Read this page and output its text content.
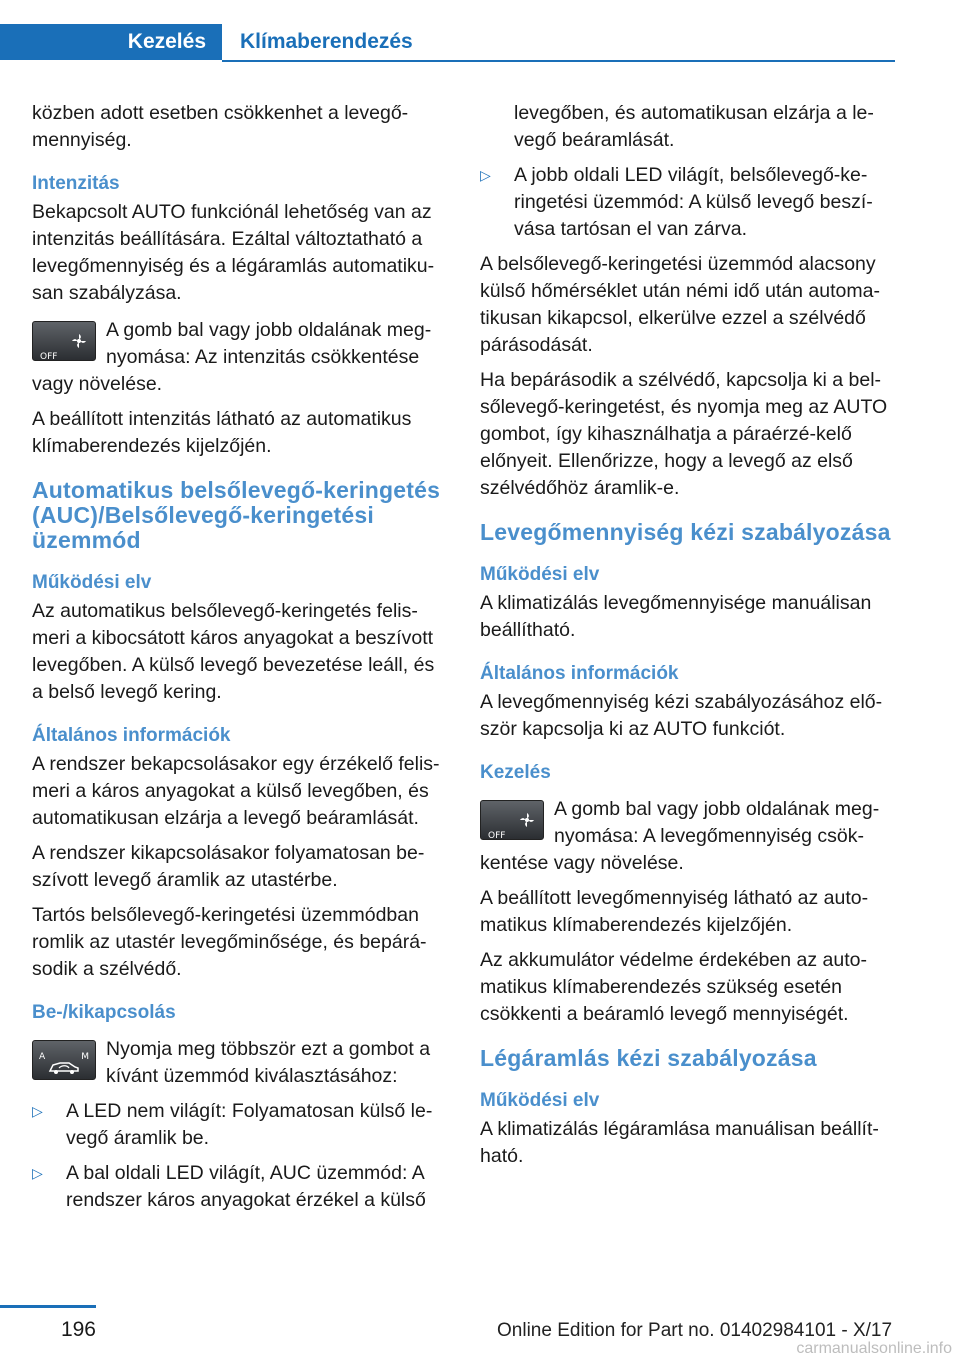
Kezelés	Klímaberendezés

közben adott esetben csökkenhet a levegő‐mennyiség.

Intenzitás

Bekapcsolt AUTO funkciónál lehetőség van az intenzitás beállítására. Ezáltal változtatható a levegőmennyiség és a légáramlás automatiku‐san szabályzása.

OFF
A gomb bal vagy jobb oldalának meg‐nyomása: Az intenzitás csökkentése vagy növelése.

A beállított intenzitás látható az automatikus klímaberendezés kijelzőjén.

Automatikus belsőlevegő-keringetés (AUC)/Belsőlevegő-keringetési üzemmód
Működési elv

Az automatikus belsőlevegő-keringetés felis‐meri a kibocsátott káros anyagokat a beszívott levegőben. A külső levegő bevezetése leáll, és a belső levegő kering.

Általános információk

A rendszer bekapcsolásakor egy érzékelő felis‐meri a káros anyagokat a külső levegőben, és automatikusan elzárja a levegő beáramlását.

A rendszer kikapcsolásakor folyamatosan be‐szívott levegő áramlik az utastérbe.

Tartós belsőlevegő-keringetési üzemmódban romlik az utastér levegőminősége, és bepárá‐sodik a szélvédő.

Be-/kikapcsolás
A	M Nyomja meg többször ezt a gombot a kívánt üzemmód kiválasztásához:
▷ A LED nem világít: Folyamatosan külső le‐vegő áramlik be.
▷ A bal oldali LED világít, AUC üzemmód: A rendszer káros anyagokat érzékel a külső

levegőben, és automatikusan elzárja a le‐vegő beáramlását.

▷ A jobb oldali LED világít, belsőlevegő-ke‐ringetési üzemmód: A külső levegő beszí‐vása tartósan el van zárva.

A belsőlevegő-keringetési üzemmód alacsony külső hőmérséklet után némi idő után automa‐tikusan kikapcsol, elkerülve ezzel a szélvédő párásodását.

Ha bepárásodik a szélvédő, kapcsolja ki a bel‐sőlevegő-keringetést, és nyomja meg az AUTO gombot, így kihasználhatja a páraérzé‐kelő előnyeit. Ellenőrizze, hogy a levegő az első szélvédőhöz áramlik-e.

Levegőmennyiség kézi szabályozása
Működési elv

A klimatizálás levegőmennyisége manuálisan beállítható.

Általános információk

A levegőmennyiség kézi szabályozásához elő‐ször kapcsolja ki az AUTO funkciót.

Kezelés
OFF
A gomb bal vagy jobb oldalának meg‐nyomása: A levegőmennyiség csök‐kentése vagy növelése.

A beállított levegőmennyiség látható az auto‐matikus klímaberendezés kijelzőjén.

Az akkumulátor védelme érdekében az auto‐matikus klímaberendezés szükség esetén csökkenti a beáramló levegő mennyiségét.

Légáramlás kézi szabályozása
Működési elv

A klimatizálás légáramlása manuálisan beállít‐ható.

196	Online Edition for Part no. 01402984101 - X/17
carmanualsonline.info
